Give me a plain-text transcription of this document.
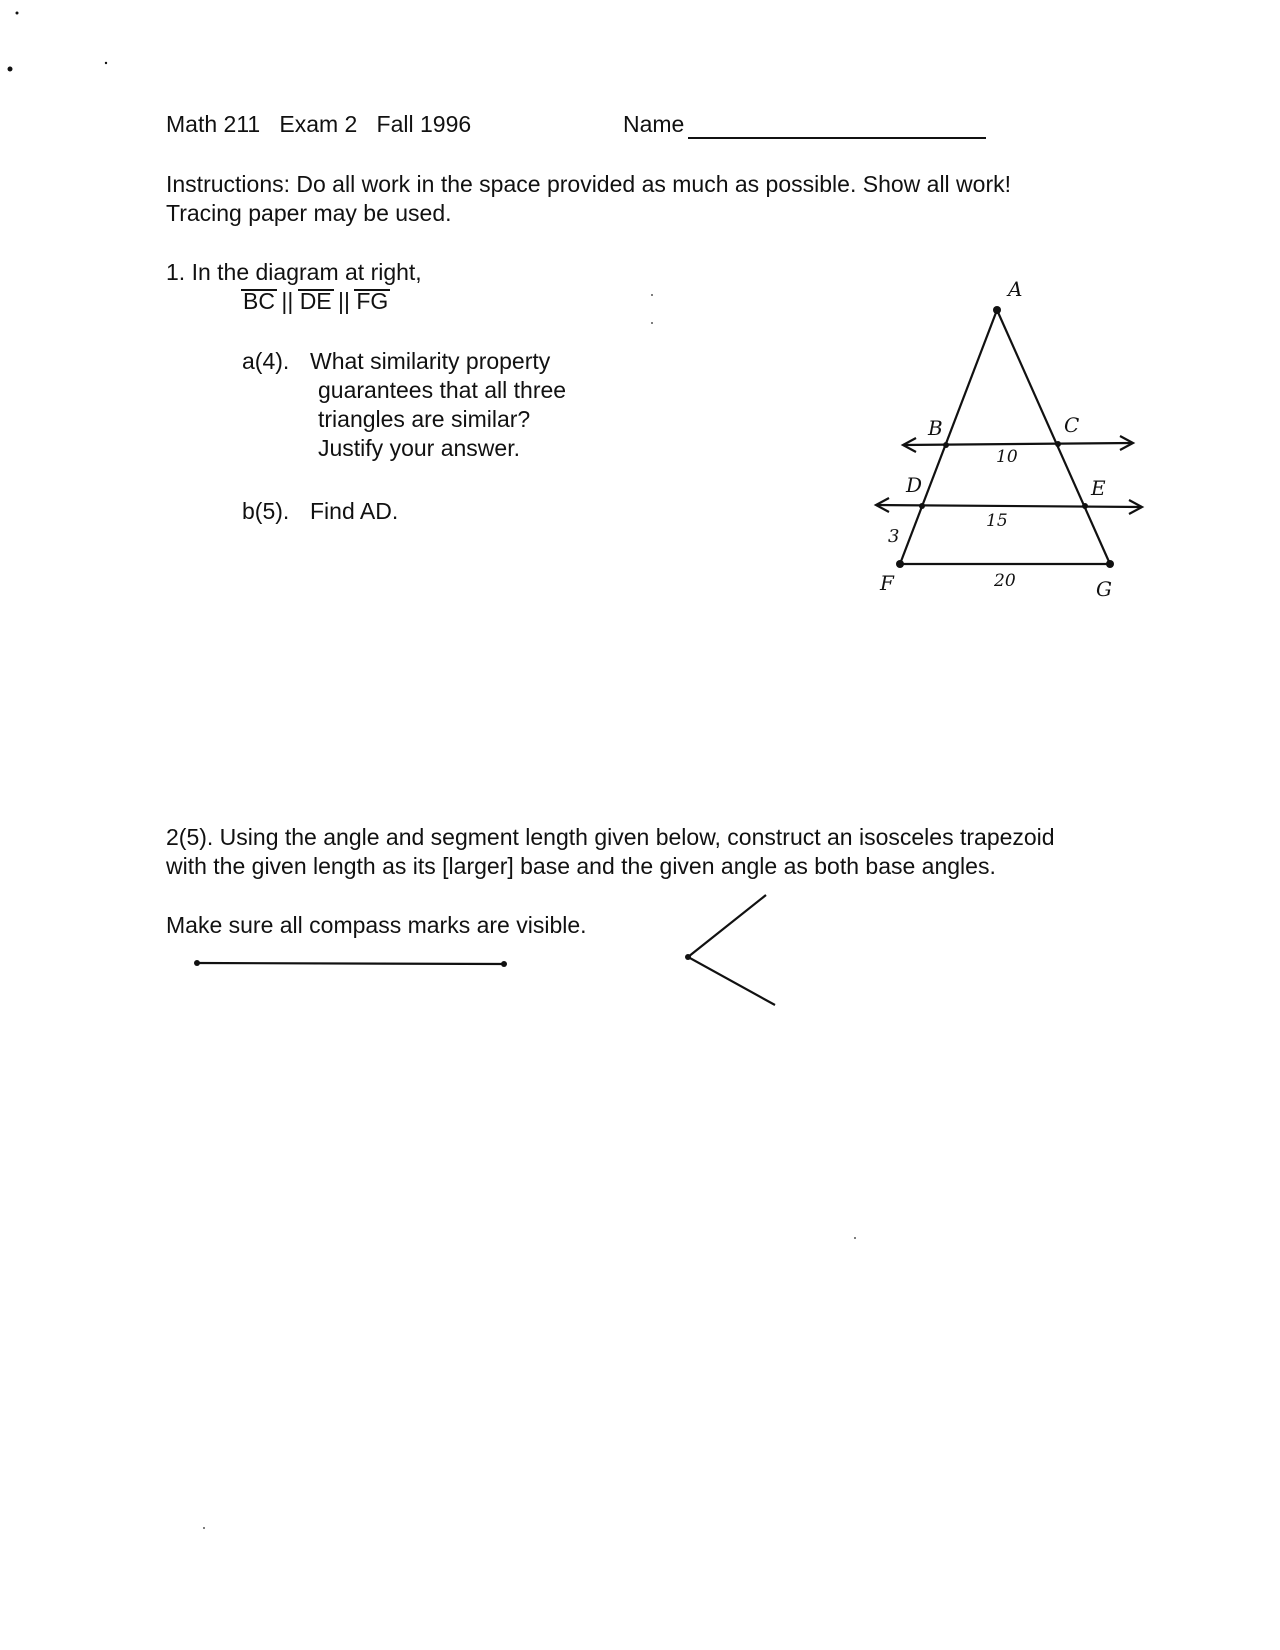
Math 211 Exam 2 Fall 1996	Name
Instructions: Do all work in the space provided as much as possible. Show all work! Tracing paper may be used.
1. In the diagram at right,
BC || DE || FG
a(4). What similarity property
guarantees that all three
triangles are similar?
Justify your answer.
b(5). Find AD.
2(5). Using the angle and segment length given below, construct an isosceles trapezoid with the given length as its [larger] base and the given angle as both base angles.
Make sure all compass marks are visible.
A
B	C
D	E
F	G
10
15
20
3
